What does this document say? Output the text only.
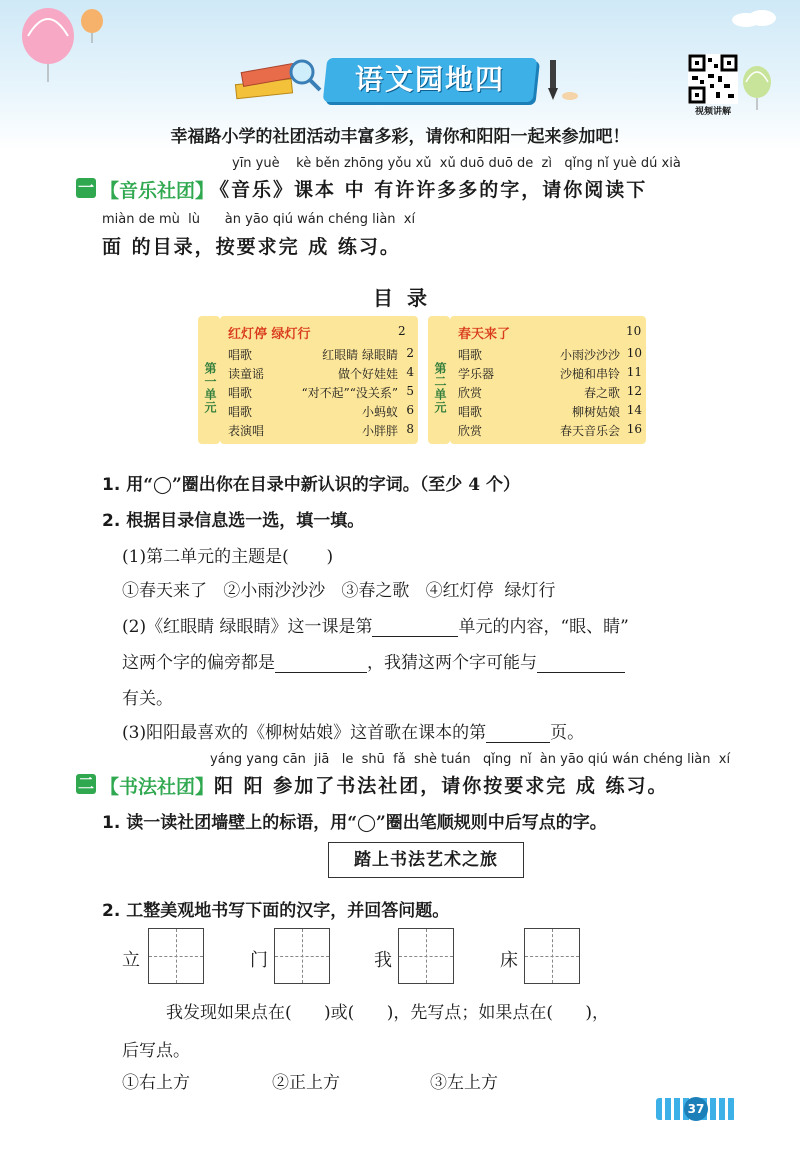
语文园地四
视频讲解
幸福路小学的社团活动丰富多彩，请你和阳阳一起来参加吧！
yīn yuè    kè běn zhōng yǒu xǔ  xǔ duō duō de  zì   qǐng nǐ yuè dú xià
一 【音乐社团】
《音乐》课本 中 有许许多多的字，请你阅读下
miàn de mù  lù      àn yāo qiú wán chéng liàn  xí
面 的目录，按要求完 成 练习。
目  录
第一单元
红灯停 绿灯行	2
唱歌	红眼睛 绿眼睛 2
读童谣	做个好娃娃 4
唱歌	“对不起”“没关系” 5
唱歌	小蚂蚁 6
表演唱	小胖胖 8
第二单元
春天来了	10
唱歌	小雨沙沙沙 10
学乐器	沙槌和串铃 11
欣赏	春之歌 12
唱歌	柳树姑娘 14
欣赏	春天音乐会 16
1. 用“◯”圈出你在目录中新认识的字词。（至少 4 个）
2. 根据目录信息选一选，填一填。
(1)第二单元的主题是(       )
①春天来了   ②小雨沙沙沙   ③春之歌   ④红灯停  绿灯行
(2)《红眼睛 绿眼睛》这一课是第	单元的内容，“眼、睛”
这两个字的偏旁都是	，我猜这两个字可能与
有关。
(3)阳阳最喜欢的《柳树姑娘》这首歌在课本的第	页。
yáng yang cān  jiā   le  shū  fǎ  shè tuán   qǐng  nǐ  àn yāo qiú wán chéng liàn  xí
二 【书法社团】 阳 阳 参加了书法社团，请你按要求完 成 练习。
1. 读一读社团墙壁上的标语，用“◯”圈出笔顺规则中后写点的字。
踏上书法艺术之旅
2. 工整美观地书写下面的汉字，并回答问题。
立	门	我	床
我发现如果点在(      )或(      )，先写点；如果点在(      )，
后写点。
①右上方	②正上方	③左上方
37
